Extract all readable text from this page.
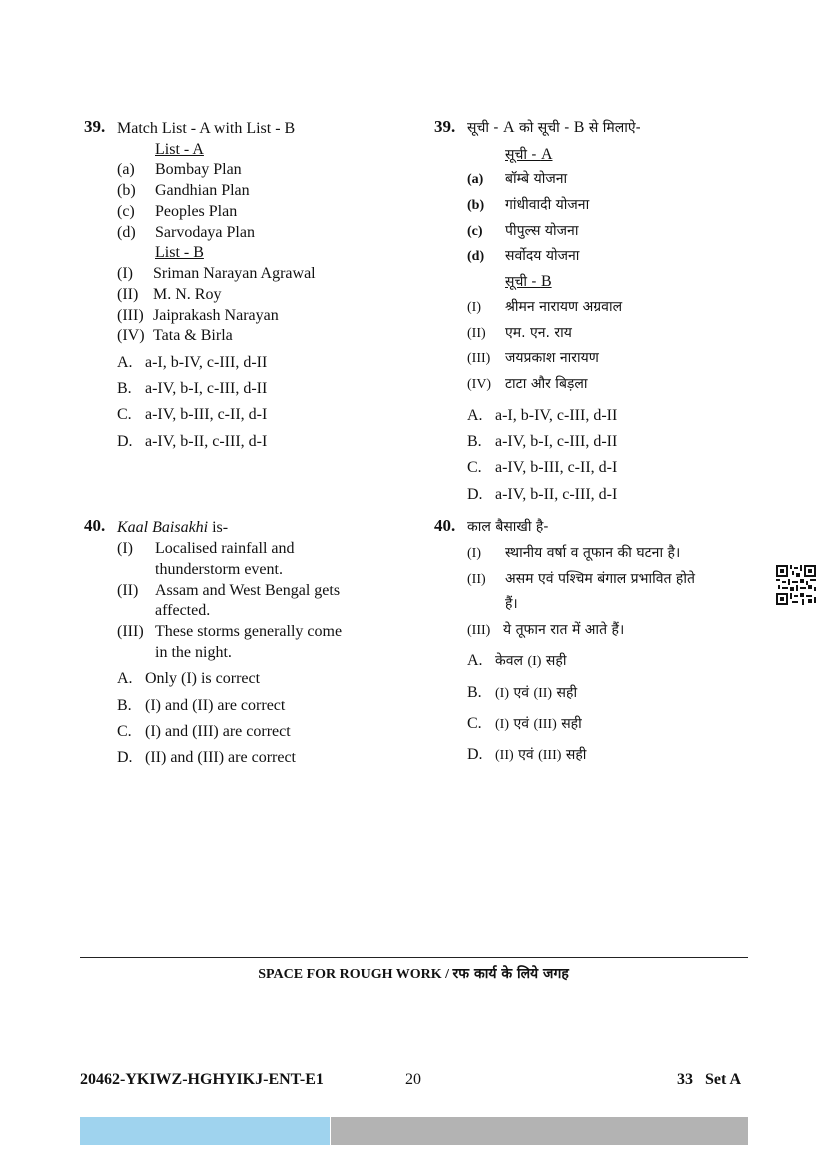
39. Match List - A with List - B
List - A
(a) Bombay Plan
(b) Gandhian Plan
(c) Peoples Plan
(d) Sarvodaya Plan
List - B
(I) Sriman Narayan Agrawal
(II) M. N. Roy
(III) Jaiprakash Narayan
(IV) Tata & Birla
A. a-I, b-IV, c-III, d-II
B. a-IV, b-I, c-III, d-II
C. a-IV, b-III, c-II, d-I
D. a-IV, b-II, c-III, d-I
39. सूची - A को सूची - B से मिलाऐ-
सूची - A
(a) बॉम्बे योजना
(b) गांधीवादी योजना
(c) पीपुल्स योजना
(d) सर्वोदय योजना
सूची - B
(I) श्रीमन नारायण अग्रवाल
(II) एम. एन. राय
(III) जयप्रकाश नारायण
(IV) टाटा और बिड़ला
A. a-I, b-IV, c-III, d-II
B. a-IV, b-I, c-III, d-II
C. a-IV, b-III, c-II, d-I
D. a-IV, b-II, c-III, d-I
40. Kaal Baisakhi is-
(I) Localised rainfall and
thunderstorm event.
(II) Assam and West Bengal gets
affected.
(III) These storms generally come
in the night.
A. Only (I) is correct
B. (I) and (II) are correct
C. (I) and (III) are correct
D. (II) and (III) are correct
40. काल बैसाखी है-
(I) स्थानीय वर्षा व तूफान की घटना है।
(II) असम एवं पश्चिम बंगाल प्रभावित होते
हैं।
(III) ये तूफान रात में आते हैं।
A. केवल (I) सही
B. (I) एवं (II) सही
C. (I) एवं (III) सही
D. (II) एवं (III) सही
SPACE FOR ROUGH WORK / रफ कार्य के लिये जगह
20462-YKIWZ-HGHYIKJ-ENT-E1	20	33 Set A
